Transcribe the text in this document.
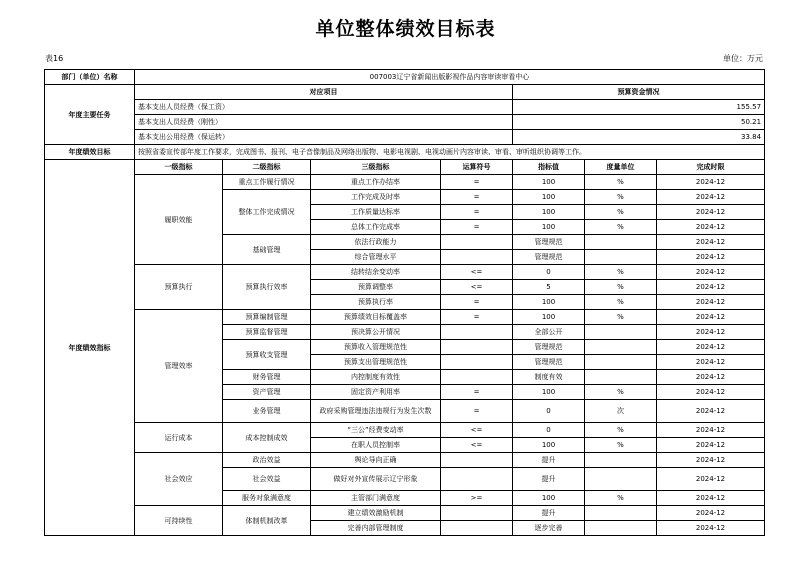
单位整体绩效目标表
表16	单位：万元
部门（单位）名称	007003辽宁省新闻出版影视作品内容审读审看中心						
年度主要任务	对应项目				预算资金情况		
	基本支出人员经费（保工资）				155.57		
	基本支出人员经费（刚性）				50.21		
	基本支出公用经费（保运转）				33.84		
年度绩效目标	按照省委宣传部年度工作要求，完成图书、报刊、电子音像制品及网络出版物、电影电视剧、电视动画片内容审读、审看、审听组织协调等工作。						
年度绩效指标	一级指标	二级指标	三级指标	运算符号	指标值	度量单位	完成时限
	履职效能	重点工作履行情况	重点工作办结率	=	100	%	2024-12
		整体工作完成情况	工作完成及时率	=	100	%	2024-12
			工作质量达标率	=	100	%	2024-12
			总体工作完成率	=	100	%	2024-12
		基础管理	依法行政能力		管理规范		2024-12
			综合管理水平		管理规范		2024-12
	预算执行	预算执行效率	结转结余变动率	<=	0	%	2024-12
			预算调整率	<=	5	%	2024-12
			预算执行率	=	100	%	2024-12
	管理效率	预算编制管理	预算绩效目标覆盖率	=	100	%	2024-12
		预算监督管理	预决算公开情况		全部公开		2024-12
		预算收支管理	预算收入管理规范性		管理规范		2024-12
			预算支出管理规范性		管理规范		2024-12
		财务管理	内控制度有效性		制度有效		2024-12
		资产管理	固定资产利用率	=	100	%	2024-12
		业务管理	政府采购管理违法违规行为发生次数	=	0	次	2024-12
	运行成本	成本控制成效	“三公”经费变动率	<=	0	%	2024-12
			在职人员控制率	<=	100	%	2024-12
	社会效应	政治效益	舆论导向正确		提升		2024-12
		社会效益	做好对外宣传展示辽宁形象		提升		2024-12
		服务对象满意度	主管部门满意度	>=	100	%	2024-12
	可持续性	体制机制改革	建立绩效激励机制		提升		2024-12
			完善内部管理制度		逐步完善		2024-12
